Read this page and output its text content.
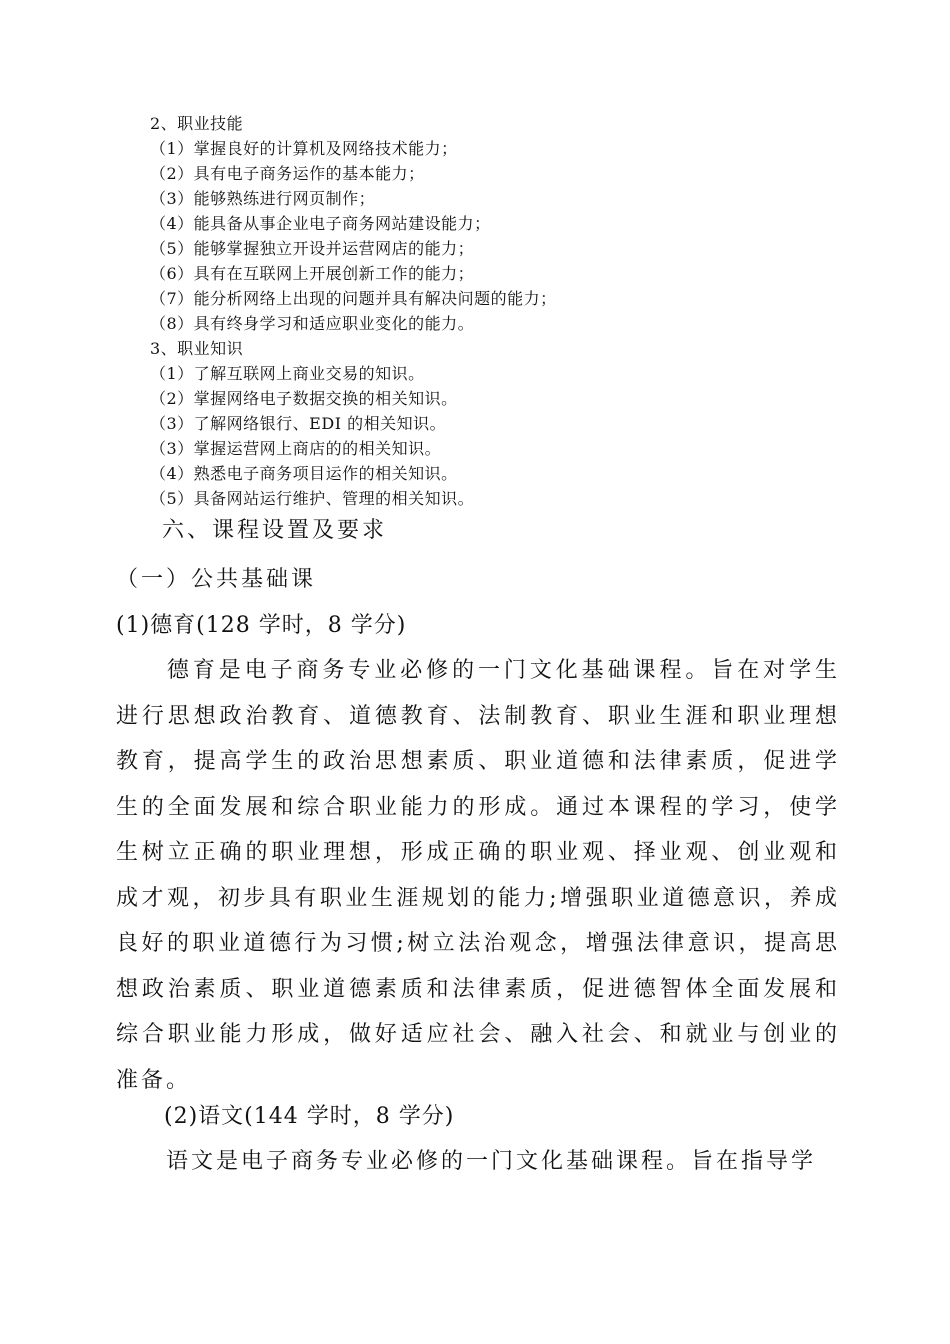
2、职业技能
（1）掌握良好的计算机及网络技术能力；
（2）具有电子商务运作的基本能力；
（3）能够熟练进行网页制作；
（4）能具备从事企业电子商务网站建设能力；
（5）能够掌握独立开设并运营网店的能力；
（6）具有在互联网上开展创新工作的能力；
（7）能分析网络上出现的问题并具有解决问题的能力；
（8）具有终身学习和适应职业变化的能力。
3、职业知识
（1）了解互联网上商业交易的知识。
（2）掌握网络电子数据交换的相关知识。
（3）了解网络银行、EDI 的相关知识。
（3）掌握运营网上商店的的相关知识。
（4）熟悉电子商务项目运作的相关知识。
（5）具备网站运行维护、管理的相关知识。
六、课程设置及要求
（一）公共基础课
(1)德育(128 学时，8 学分)
德育是电子商务专业必修的一门文化基础课程。旨在对学生进行思想政治教育、道德教育、法制教育、职业生涯和职业理想教育，提高学生的政治思想素质、职业道德和法律素质，促进学生的全面发展和综合职业能力的形成。通过本课程的学习，使学生树立正确的职业理想，形成正确的职业观、择业观、创业观和成才观，初步具有职业生涯规划的能力;增强职业道德意识，养成良好的职业道德行为习惯;树立法治观念，增强法律意识，提高思想政治素质、职业道德素质和法律素质，促进德智体全面发展和综合职业能力形成，做好适应社会、融入社会、和就业与创业的准备。
(2)语文(144 学时，8 学分)
语文是电子商务专业必修的一门文化基础课程。旨在指导学
